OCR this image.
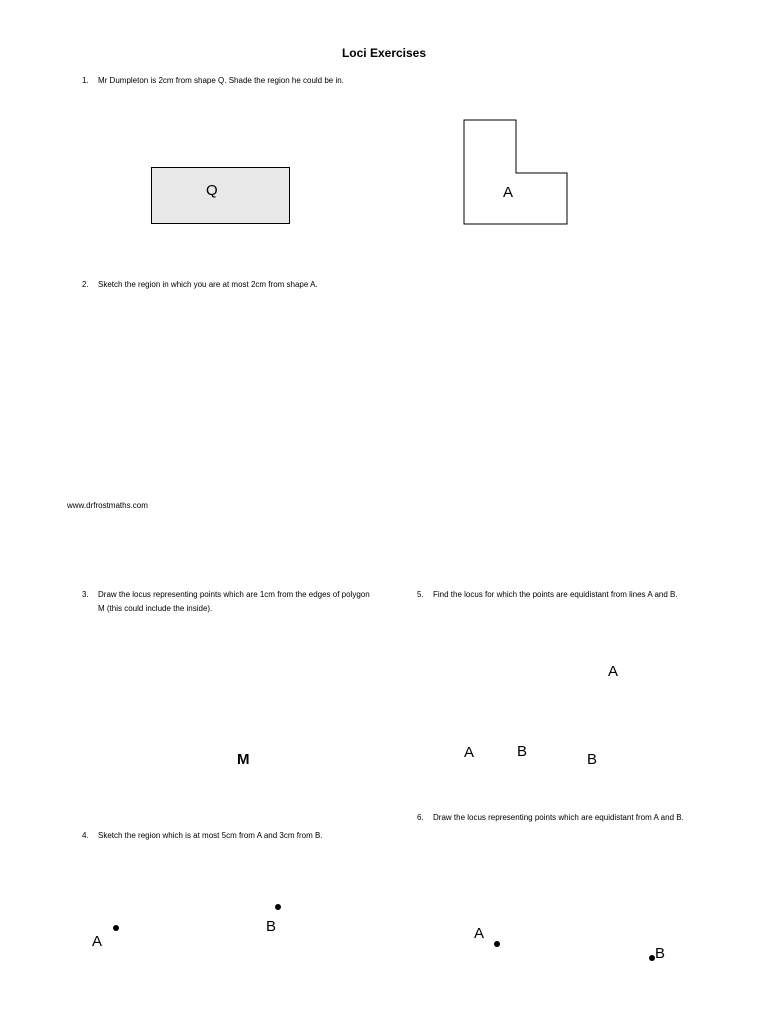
Loci Exercises
1. Mr Dumpleton is 2cm from shape Q. Shade the region he could be in.
Q	A
2. Sketch the region in which you are at most 2cm from shape A.
www.drfrostmaths.com
3. Draw the locus representing points which are 1cm from the edges of polygon M (this could include the inside).
M
4. Sketch the region which is at most 5cm from A and 3cm from B.
A
B
5. Find the locus for which the points are equidistant from lines A and B.
A
A	B	B
6. Draw the locus representing points which are equidistant from A and B.
A
B
